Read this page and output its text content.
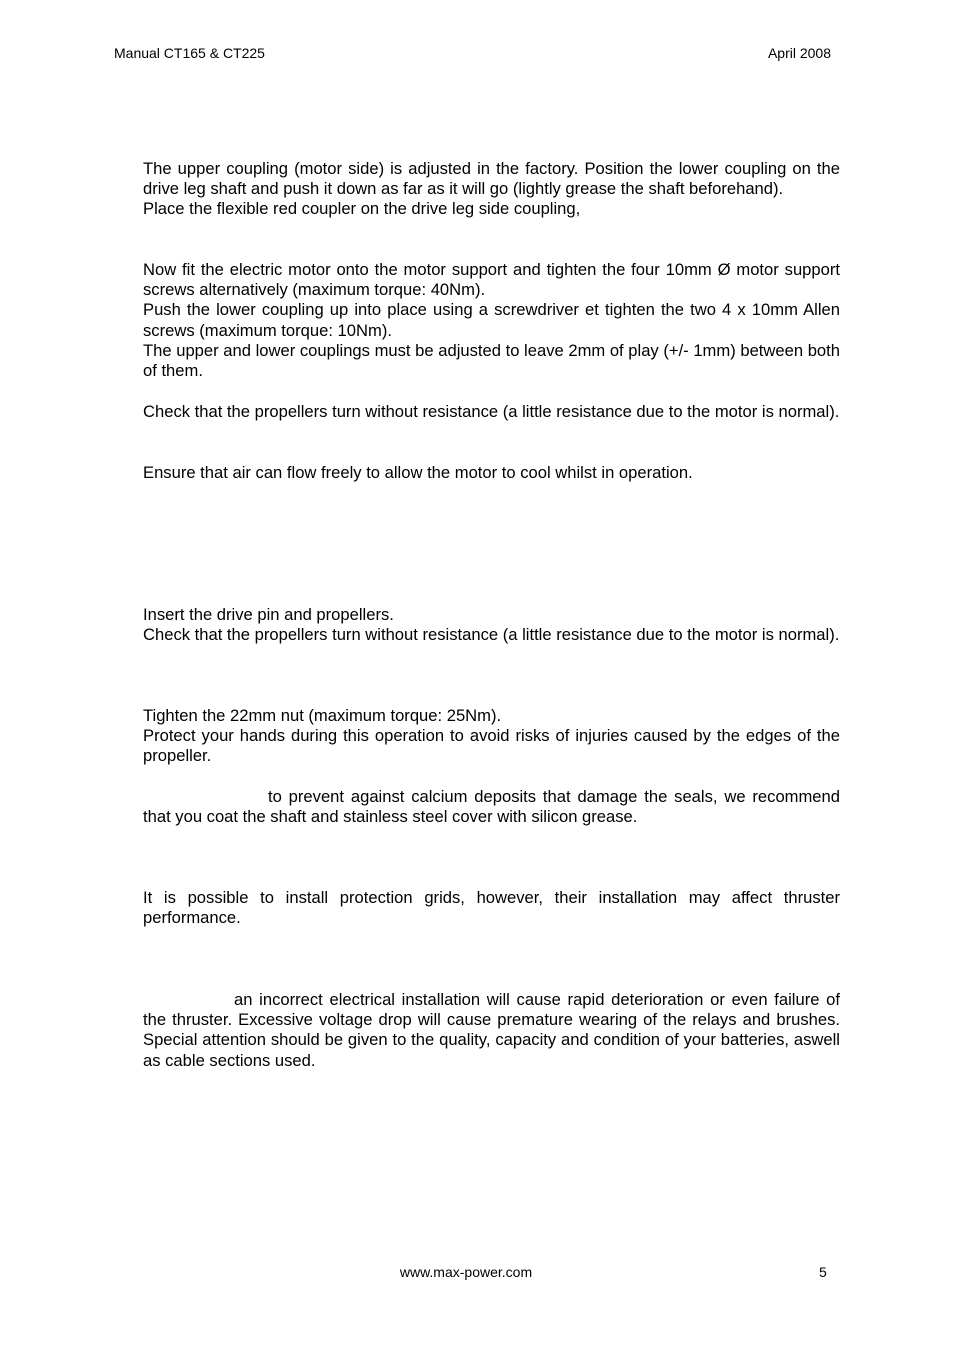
Manual CT165 & CT225	April 2008

The upper coupling (motor side) is adjusted in the factory. Position the lower coupling on the drive leg shaft and push it down as far as it will go (lightly grease the shaft beforehand).

Place the flexible red coupler on the drive leg side coupling,

Now fit the electric motor onto the motor support and tighten the four 10mm Ø motor support screws alternatively (maximum torque: 40Nm).

Push the lower coupling up into place using a screwdriver et tighten the two 4 x 10mm Allen screws (maximum torque: 10Nm).

The upper and lower couplings must be adjusted to leave 2mm of play (+/- 1mm) between both of them.

Check that the propellers turn without resistance (a little resistance due to the motor is normal).

Ensure that air can flow freely to allow the motor to cool whilst in operation.

Insert the drive pin and propellers.

Check that the propellers turn without resistance (a little resistance due to the motor is normal).

Tighten the 22mm nut (maximum torque: 25Nm).

Protect your hands during this operation to avoid risks of injuries caused by the edges of the propeller.

to prevent against calcium deposits that damage the seals, we recommend that you coat the shaft and stainless steel cover with silicon grease.

It is possible to install protection grids, however, their installation may affect thruster performance.

an incorrect electrical installation will cause rapid deterioration or even failure of the thruster. Excessive voltage drop will cause premature wearing of the relays and brushes. Special attention should be given to the quality, capacity and condition of your batteries, aswell as cable sections used.

www.max-power.com	5
